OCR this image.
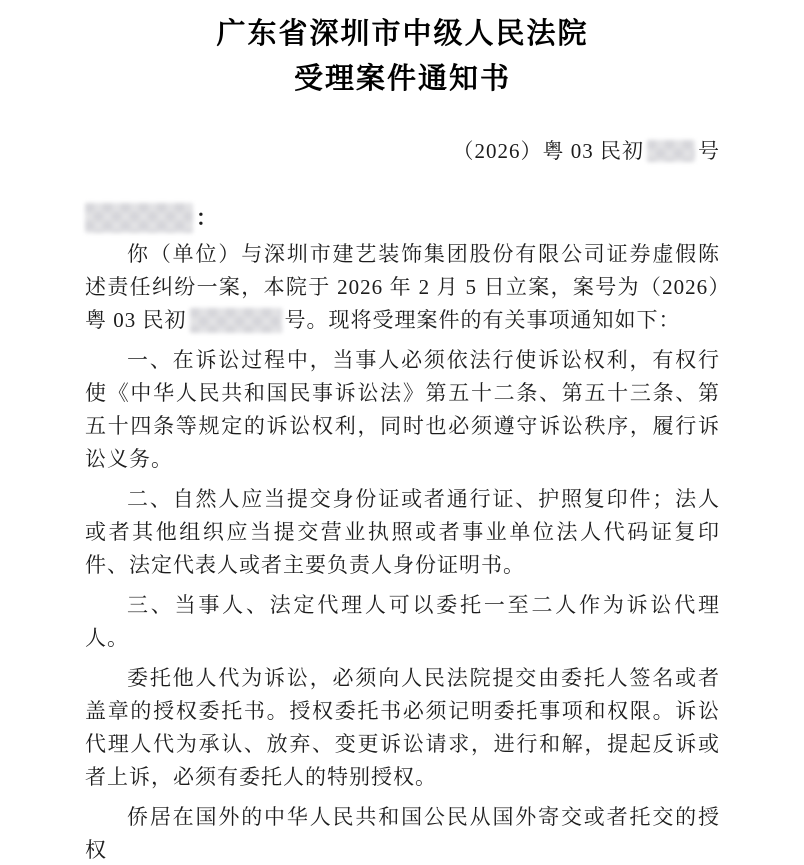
广东省深圳市中级人民法院
受理案件通知书
（2026）粤 03 民初	号
：

你（单位）与深圳市建艺装饰集团股份有限公司证券虚假陈述责任纠纷一案，本院于 2026 年 2 月 5 日立案，案号为（2026）粤 03 民初	号。现将受理案件的有关事项通知如下：

一、在诉讼过程中，当事人必须依法行使诉讼权利，有权行使《中华人民共和国民事诉讼法》第五十二条、第五十三条、第五十四条等规定的诉讼权利，同时也必须遵守诉讼秩序，履行诉讼义务。

二、自然人应当提交身份证或者通行证、护照复印件；法人或者其他组织应当提交营业执照或者事业单位法人代码证复印件、法定代表人或者主要负责人身份证明书。

三、当事人、法定代理人可以委托一至二人作为诉讼代理人。

委托他人代为诉讼，必须向人民法院提交由委托人签名或者盖章的授权委托书。授权委托书必须记明委托事项和权限。诉讼代理人代为承认、放弃、变更诉讼请求，进行和解，提起反诉或者上诉，必须有委托人的特别授权。

侨居在国外的中华人民共和国公民从国外寄交或者托交的授权
